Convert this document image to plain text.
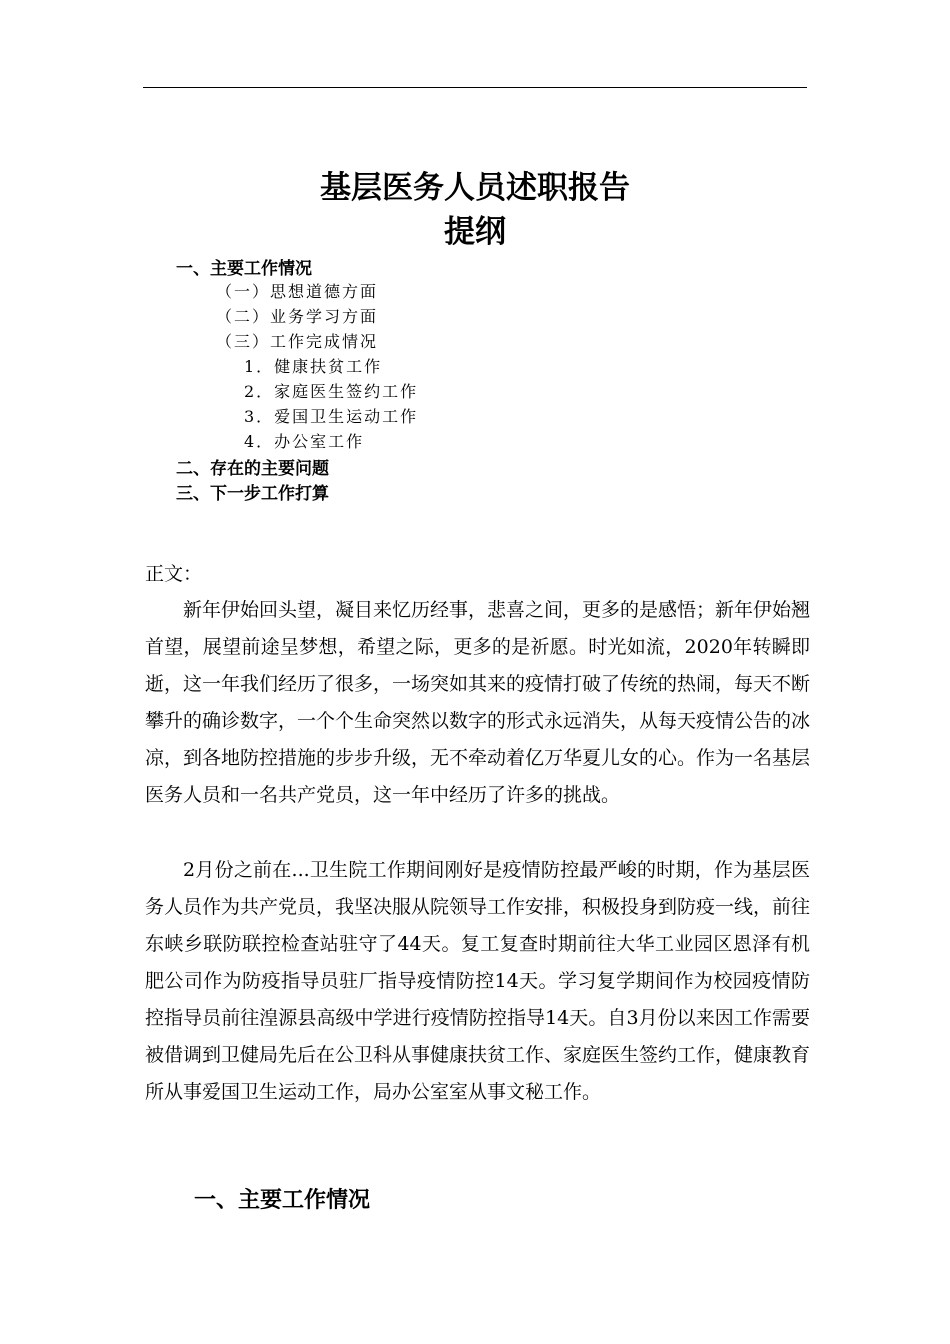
基层医务人员述职报告
提纲
一、主要工作情况
（一）思想道德方面
（二）业务学习方面
（三）工作完成情况
1．健康扶贫工作
2．家庭医生签约工作
3．爱国卫生运动工作
4．办公室工作
二、存在的主要问题
三、下一步工作打算
正文：

新年伊始回头望，凝目来忆历经事，悲喜之间，更多的是感悟；新年伊始翘首望，展望前途呈梦想，希望之际，更多的是祈愿。时光如流，2020年转瞬即逝，这一年我们经历了很多，一场突如其来的疫情打破了传统的热闹，每天不断攀升的确诊数字，一个个生命突然以数字的形式永远消失，从每天疫情公告的冰凉，到各地防控措施的步步升级，无不牵动着亿万华夏儿女的心。作为一名基层医务人员和一名共产党员，这一年中经历了许多的挑战。

2月份之前在...卫生院工作期间刚好是疫情防控最严峻的时期，作为基层医务人员作为共产党员，我坚决服从院领导工作安排，积极投身到防疫一线，前往东峡乡联防联控检查站驻守了44天。复工复查时期前往大华工业园区恩泽有机肥公司作为防疫指导员驻厂指导疫情防控14天。学习复学期间作为校园疫情防控指导员前往湟源县高级中学进行疫情防控指导14天。自3月份以来因工作需要被借调到卫健局先后在公卫科从事健康扶贫工作、家庭医生签约工作，健康教育所从事爱国卫生运动工作，局办公室室从事文秘工作。

一、主要工作情况
